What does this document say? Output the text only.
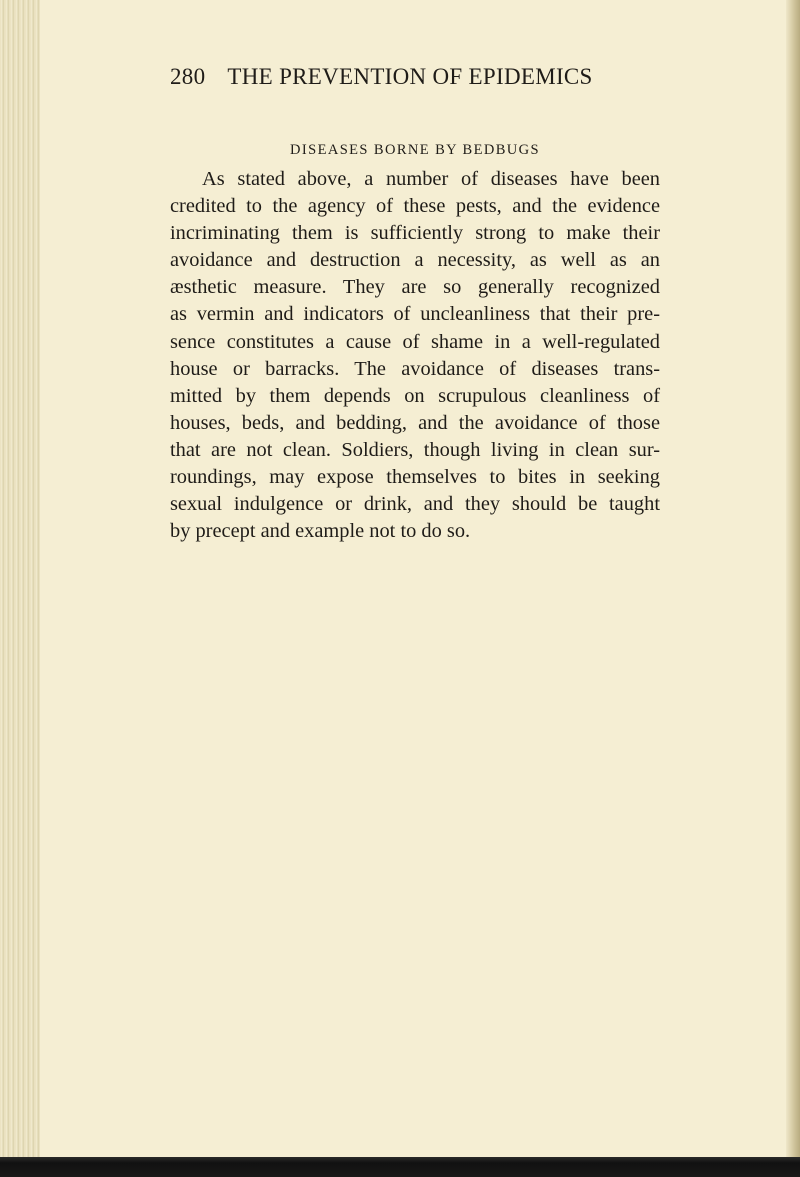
280 THE PREVENTION OF EPIDEMICS
DISEASES BORNE BY BEDBUGS
As stated above, a number of diseases have been
credited to the agency of these pests, and the evidence
incriminating them is sufficiently strong to make their
avoidance and destruction a necessity, as well as an
æsthetic measure. They are so generally recognized
as vermin and indicators of uncleanliness that their pre-
sence constitutes a cause of shame in a well-regulated
house or barracks. The avoidance of diseases trans-
mitted by them depends on scrupulous cleanliness of
houses, beds, and bedding, and the avoidance of those
that are not clean. Soldiers, though living in clean sur-
roundings, may expose themselves to bites in seeking
sexual indulgence or drink, and they should be taught
by precept and example not to do so.
